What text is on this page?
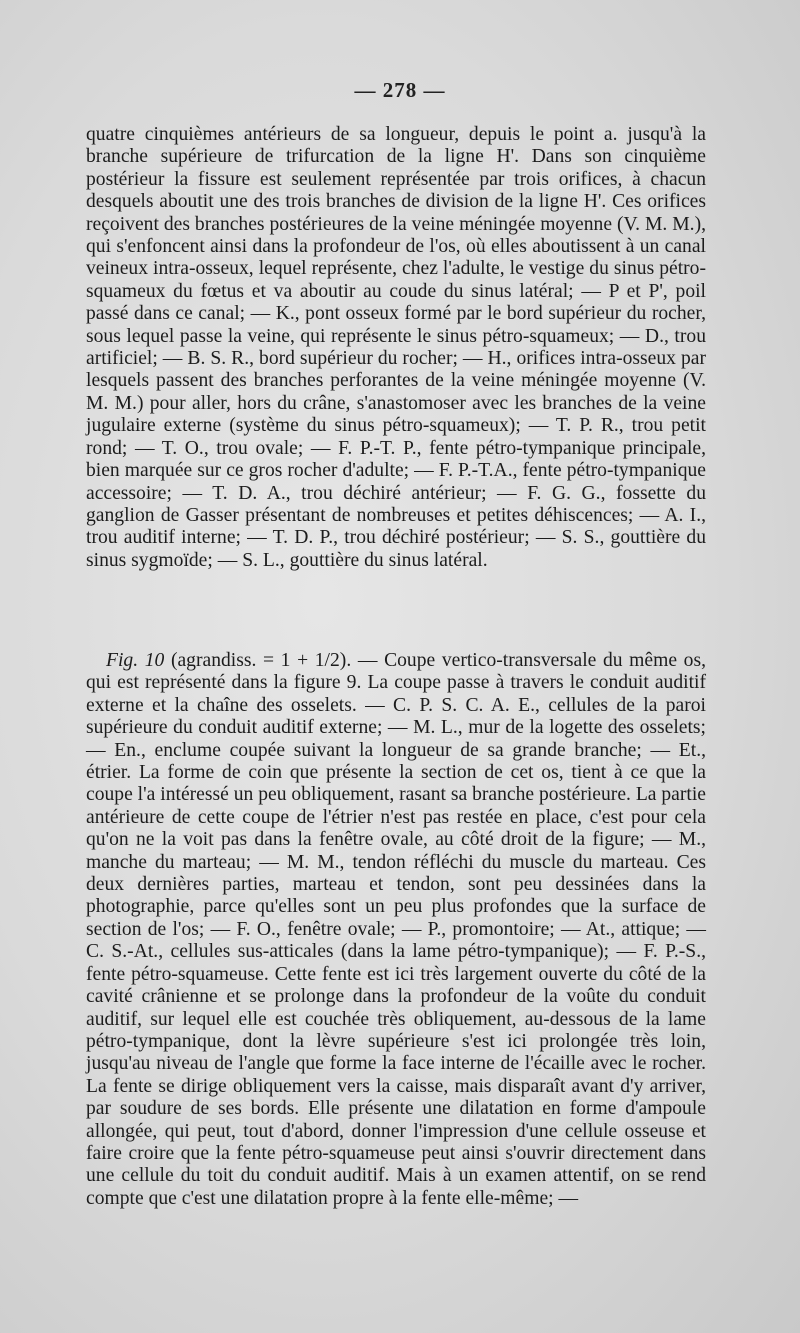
— 278 —

quatre cinquièmes antérieurs de sa longueur, depuis le point a. jusqu'à la branche supérieure de trifurcation de la ligne H'. Dans son cinquième postérieur la fissure est seulement représentée par trois orifices, à chacun desquels aboutit une des trois branches de division de la ligne H'. Ces orifices reçoivent des branches postérieures de la veine méningée moyenne (V. M. M.), qui s'enfoncent ainsi dans la profondeur de l'os, où elles aboutissent à un canal veineux intra-osseux, lequel représente, chez l'adulte, le vestige du sinus pétro-squameux du fœtus et va aboutir au coude du sinus latéral; — P et P', poil passé dans ce canal; — K., pont osseux formé par le bord supérieur du rocher, sous lequel passe la veine, qui représente le sinus pétro-squameux; — D., trou artificiel; — B. S. R., bord supérieur du rocher; — H., orifices intra-osseux par lesquels passent des branches perforantes de la veine méningée moyenne (V. M. M.) pour aller, hors du crâne, s'anastomoser avec les branches de la veine jugulaire externe (système du sinus pétro-squameux); — T. P. R., trou petit rond; — T. O., trou ovale; — F. P.-T. P., fente pétro-tympanique principale, bien marquée sur ce gros rocher d'adulte; — F. P.-T.A., fente pétro-tympanique accessoire; — T. D. A., trou déchiré antérieur; — F. G. G., fossette du ganglion de Gasser présentant de nombreuses et petites déhiscences; — A. I., trou auditif interne; — T. D. P., trou déchiré postérieur; — S. S., gouttière du sinus sygmoïde; — S. L., gouttière du sinus latéral.

Fig. 10 (agrandiss. = 1 + 1/2). — Coupe vertico-transversale du même os, qui est représenté dans la figure 9. La coupe passe à travers le conduit auditif externe et la chaîne des osselets. — C. P. S. C. A. E., cellules de la paroi supérieure du conduit auditif externe; — M. L., mur de la logette des osselets; — En., enclume coupée suivant la longueur de sa grande branche; — Et., étrier. La forme de coin que présente la section de cet os, tient à ce que la coupe l'a intéressé un peu obliquement, rasant sa branche postérieure. La partie antérieure de cette coupe de l'étrier n'est pas restée en place, c'est pour cela qu'on ne la voit pas dans la fenêtre ovale, au côté droit de la figure; — M., manche du marteau; — M. M., tendon réfléchi du muscle du marteau. Ces deux dernières parties, marteau et tendon, sont peu dessinées dans la photographie, parce qu'elles sont un peu plus profondes que la surface de section de l'os; — F. O., fenêtre ovale; — P., promontoire; — At., attique; — C. S.-At., cellules sus-atticales (dans la lame pétro-tympanique); — F. P.-S., fente pétro-squameuse. Cette fente est ici très largement ouverte du côté de la cavité crânienne et se prolonge dans la profondeur de la voûte du conduit auditif, sur lequel elle est couchée très obliquement, au-dessous de la lame pétro-tympanique, dont la lèvre supérieure s'est ici prolongée très loin, jusqu'au niveau de l'angle que forme la face interne de l'écaille avec le rocher. La fente se dirige obliquement vers la caisse, mais disparaît avant d'y arriver, par soudure de ses bords. Elle présente une dilatation en forme d'ampoule allongée, qui peut, tout d'abord, donner l'impression d'une cellule osseuse et faire croire que la fente pétro-squameuse peut ainsi s'ouvrir directement dans une cellule du toit du conduit auditif. Mais à un examen attentif, on se rend compte que c'est une dilatation propre à la fente elle-même; —
